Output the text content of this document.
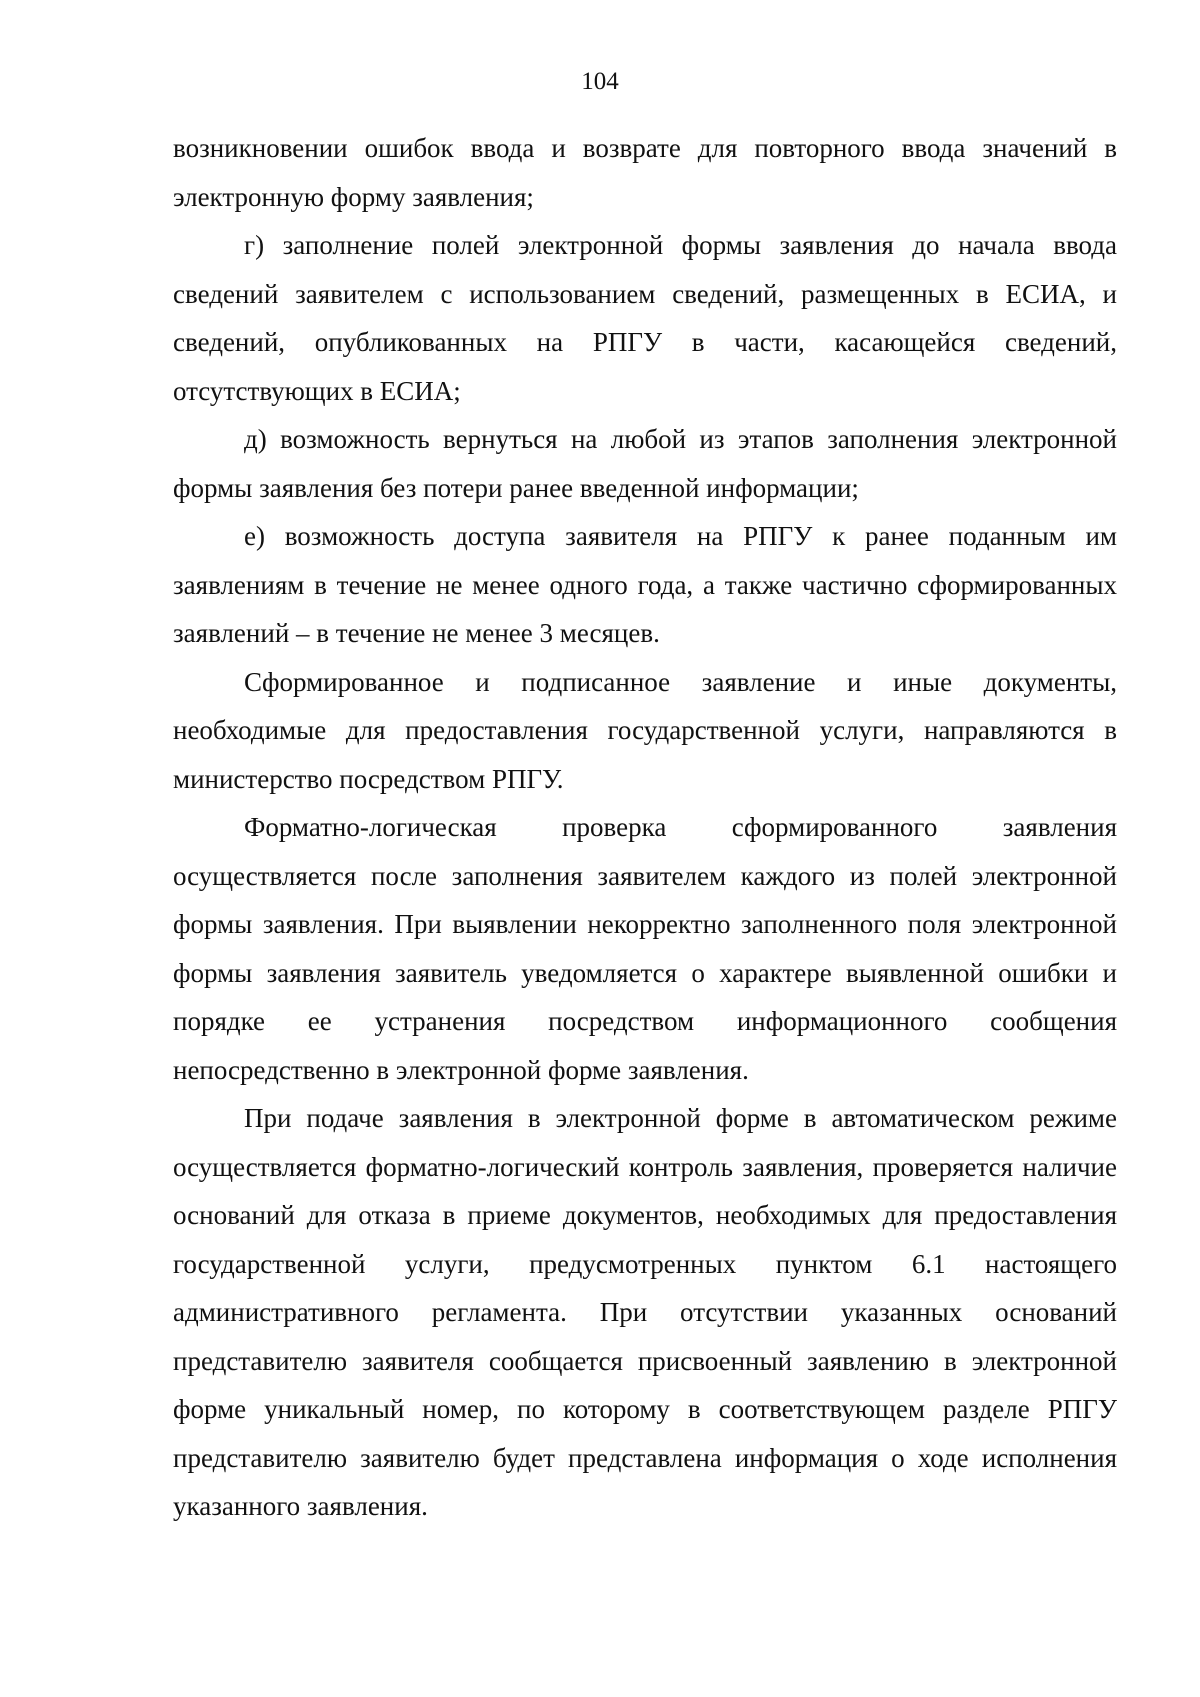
104

возникновении ошибок ввода и возврате для повторного ввода значений в электронную форму заявления;

г) заполнение полей электронной формы заявления до начала ввода сведений заявителем с использованием сведений, размещенных в ЕСИА, и сведений, опубликованных на РПГУ в части, касающейся сведений, отсутствующих в ЕСИА;

д) возможность вернуться на любой из этапов заполнения электронной формы заявления без потери ранее введенной информации;

е) возможность доступа заявителя на РПГУ к ранее поданным им заявлениям в течение не менее одного года, а также частично сформированных заявлений – в течение не менее 3 месяцев.

Сформированное и подписанное заявление и иные документы, необходимые для предоставления государственной услуги, направляются в министерство посредством РПГУ.

Форматно-логическая проверка сформированного заявления осуществляется после заполнения заявителем каждого из полей электронной формы заявления. При выявлении некорректно заполненного поля электронной формы заявления заявитель уведомляется о характере выявленной ошибки и порядке ее устранения посредством информационного сообщения непосредственно в электронной форме заявления.

При подаче заявления в электронной форме в автоматическом режиме осуществляется форматно-логический контроль заявления, проверяется наличие оснований для отказа в приеме документов, необходимых для предоставления государственной услуги, предусмотренных пунктом 6.1 настоящего административного регламента. При отсутствии указанных оснований представителю заявителя сообщается присвоенный заявлению в электронной форме уникальный номер, по которому в соответствующем разделе РПГУ представителю заявителю будет представлена информация о ходе исполнения указанного заявления.
